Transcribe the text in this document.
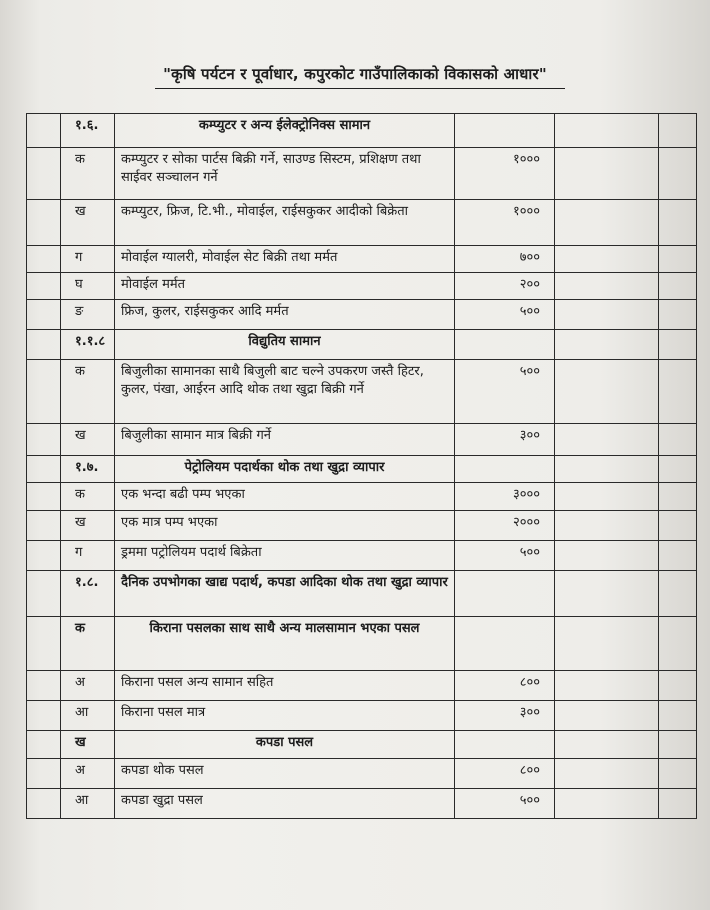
"कृषि पर्यटन र पूर्वाधार, कपुरकोट गाउँपालिकाको विकासको आधार"
	१.६.	कम्प्युटर र अन्य ईलेक्ट्रोनिक्स सामान			
	क	कम्प्युटर र सोका पार्टस बिक्री गर्ने, साउण्ड सिस्टम, प्रशिक्षण तथा साईवर सञ्चालन गर्ने	१०००		
	ख	कम्प्युटर, फ्रिज, टि.भी., मोवाईल, राईसकुकर आदीको बिक्रेता	१०००		
	ग	मोवाईल ग्यालरी, मोवाईल सेट बिक्री तथा मर्मत	७००		
	घ	मोवाईल मर्मत	२००		
	ङ	फ्रिज, कुलर, राईसकुकर आदि मर्मत	५००		
	१.१.८	विद्युतिय सामान			
	क	बिजुलीका सामानका साथै बिजुली बाट चल्ने उपकरण जस्तै हिटर, कुलर, पंखा, आईरन आदि थोक तथा खुद्रा बिक्री गर्ने	५००		
	ख	बिजुलीका सामान मात्र बिक्री गर्ने	३००		
	१.७.	पेट्रोलियम पदार्थका थोक तथा खुद्रा व्यापार			
	क	एक भन्दा बढी पम्प भएका	३०००		
	ख	एक मात्र पम्प भएका	२०००		
	ग	ड्रममा पट्रोलियम पदार्थ बिक्रेता	५००		
	१.८.	दैनिक उपभोगका खाद्य पदार्थ, कपडा आदिका थोक तथा खुद्रा व्यापार			
	क	किराना पसलका साथ साथै अन्य मालसामान भएका पसल			
	अ	किराना पसल अन्य सामान सहित	८००		
	आ	किराना पसल मात्र	३००		
	ख	कपडा पसल			
	अ	कपडा थोक पसल	८००		
	आ	कपडा खुद्रा पसल	५००		
